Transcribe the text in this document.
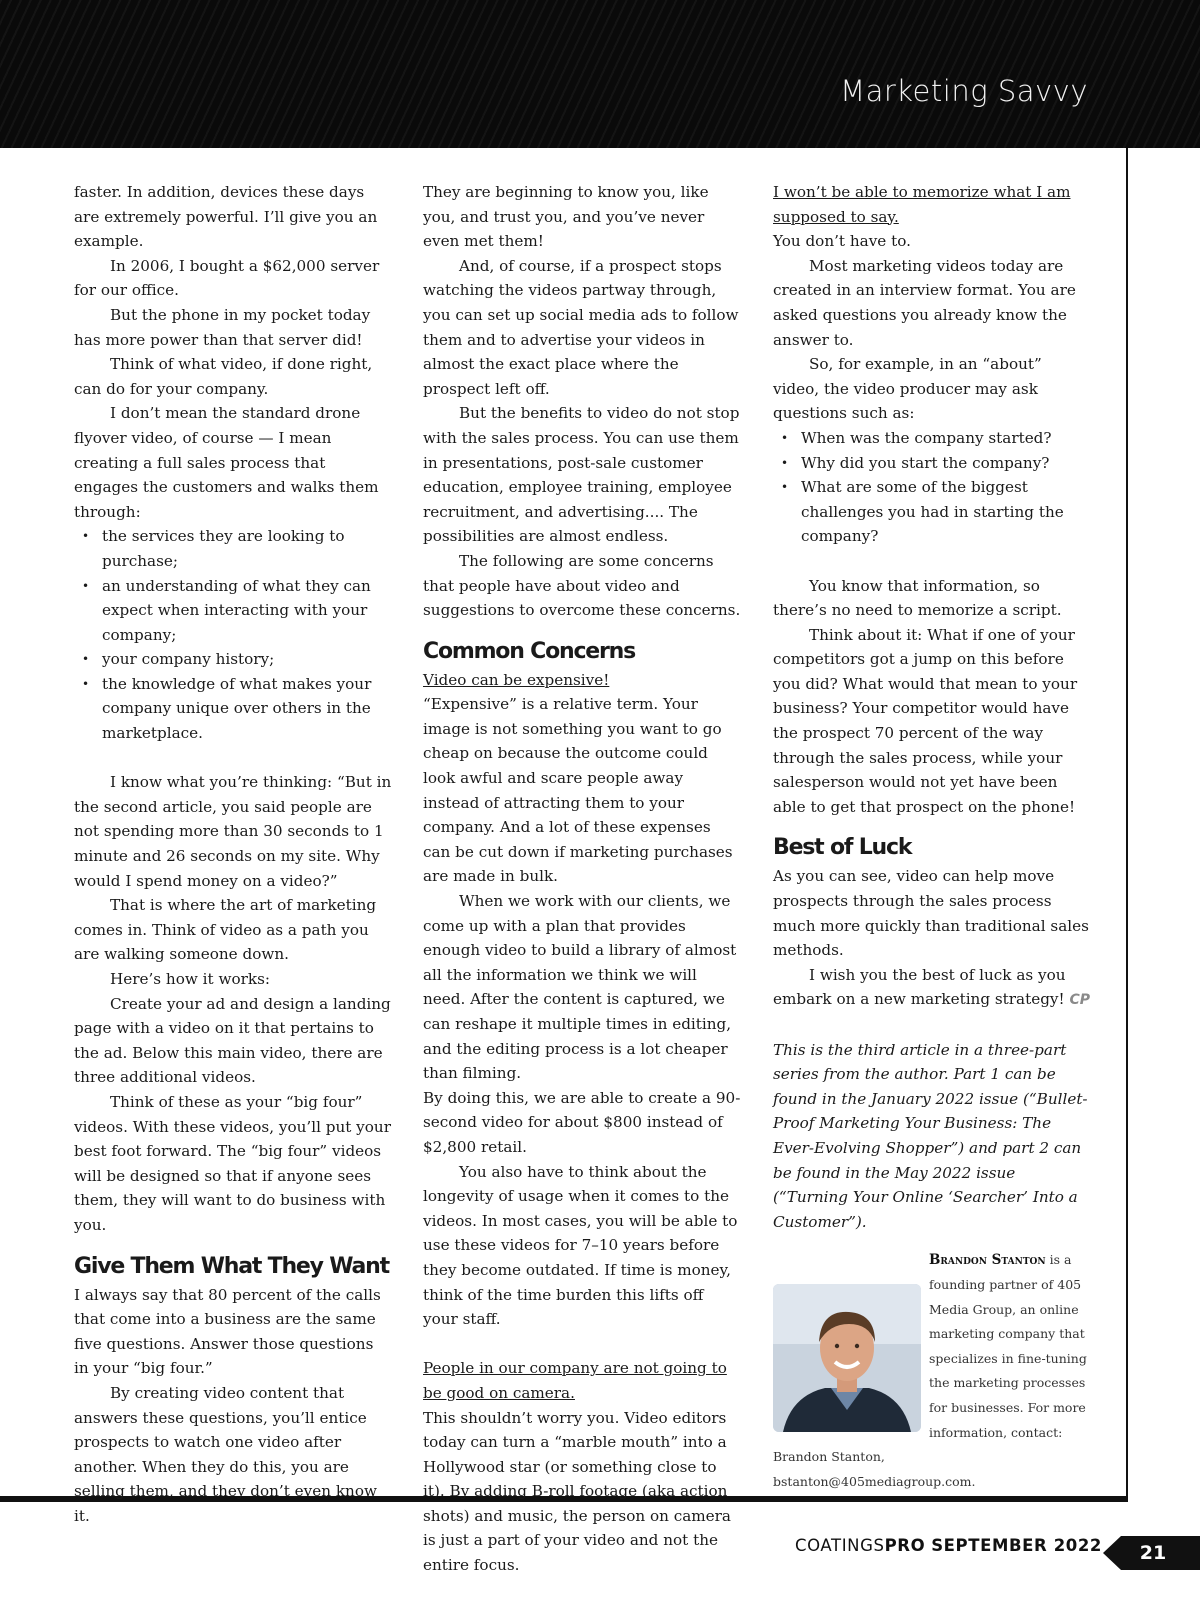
Marketing Savvy

faster. In addition, devices these days are extremely powerful. I’ll give you an example.

In 2006, I bought a $62,000 server for our office.

But the phone in my pocket today has more power than that server did!

Think of what video, if done right, can do for your company.

I don’t mean the standard drone flyover video, of course — I mean creating a full sales process that engages the customers and walks them through:

• the services they are looking to purchase;
• an understanding of what they can expect when interacting with your company;
• your company history;
• the knowledge of what makes your company unique over others in the marketplace.

I know what you’re thinking: “But in the second article, you said people are not spending more than 30 seconds to 1 minute and 26 seconds on my site. Why would I spend money on a video?”

That is where the art of marketing comes in. Think of video as a path you are walking someone down.

Here’s how it works:

Create your ad and design a landing page with a video on it that pertains to the ad. Below this main video, there are three additional videos.

Think of these as your “big four” videos. With these videos, you’ll put your best foot forward. The “big four” videos will be designed so that if anyone sees them, they will want to do business with you.

Give Them What They Want

I always say that 80 percent of the calls that come into a business are the same five questions. Answer those questions in your “big four.”

By creating video content that answers these questions, you’ll entice prospects to watch one video after another. When they do this, you are selling them, and they don’t even know it.

They are beginning to know you, like you, and trust you, and you’ve never even met them!

And, of course, if a prospect stops watching the videos partway through, you can set up social media ads to follow them and to advertise your videos in almost the exact place where the prospect left off.

But the benefits to video do not stop with the sales process. You can use them in presentations, post-sale customer education, employee training, employee recruitment, and advertising.... The possibilities are almost endless.

The following are some concerns that people have about video and suggestions to overcome these concerns.

Common Concerns

Video can be expensive!

“Expensive” is a relative term. Your image is not something you want to go cheap on because the outcome could look awful and scare people away instead of attracting them to your company. And a lot of these expenses can be cut down if marketing purchases are made in bulk.

When we work with our clients, we come up with a plan that provides enough video to build a library of almost all the information we think we will need. After the content is captured, we can reshape it multiple times in editing, and the editing process is a lot cheaper than filming.

By doing this, we are able to create a 90-second video for about $800 instead of $2,800 retail.

You also have to think about the longevity of usage when it comes to the videos. In most cases, you will be able to use these videos for 7–10 years before they become outdated. If time is money, think of the time burden this lifts off your staff.

People in our company are not going to be good on camera.

This shouldn’t worry you. Video editors today can turn a “marble mouth” into a Hollywood star (or something close to it). By adding B-roll footage (aka action shots) and music, the person on camera is just a part of your video and not the entire focus.

I won’t be able to memorize what I am supposed to say.

You don’t have to.

Most marketing videos today are created in an interview format. You are asked questions you already know the answer to.

So, for example, in an “about” video, the video producer may ask questions such as:

• When was the company started?
• Why did you start the company?
• What are some of the biggest challenges you had in starting the company?

You know that information, so there’s no need to memorize a script.

Think about it: What if one of your competitors got a jump on this before you did? What would that mean to your business? Your competitor would have the prospect 70 percent of the way through the sales process, while your salesperson would not yet have been able to get that prospect on the phone!

Best of Luck

As you can see, video can help move prospects through the sales process much more quickly than traditional sales methods.

I wish you the best of luck as you embark on a new marketing strategy! CP

This is the third article in a three-part series from the author. Part 1 can be found in the January 2022 issue (“Bullet-Proof Marketing Your Business: The Ever-Evolving Shopper”) and part 2 can be found in the May 2022 issue (“Turning Your Online ‘Searcher’ Into a Customer”).

Brandon Stanton is a founding partner of 405 Media Group, an online marketing company that specializes in fine-tuning the marketing processes for businesses. For more information, contact: Brandon Stanton, bstanton@405mediagroup.com.
COATINGSPRO SEPTEMBER 2022	21
